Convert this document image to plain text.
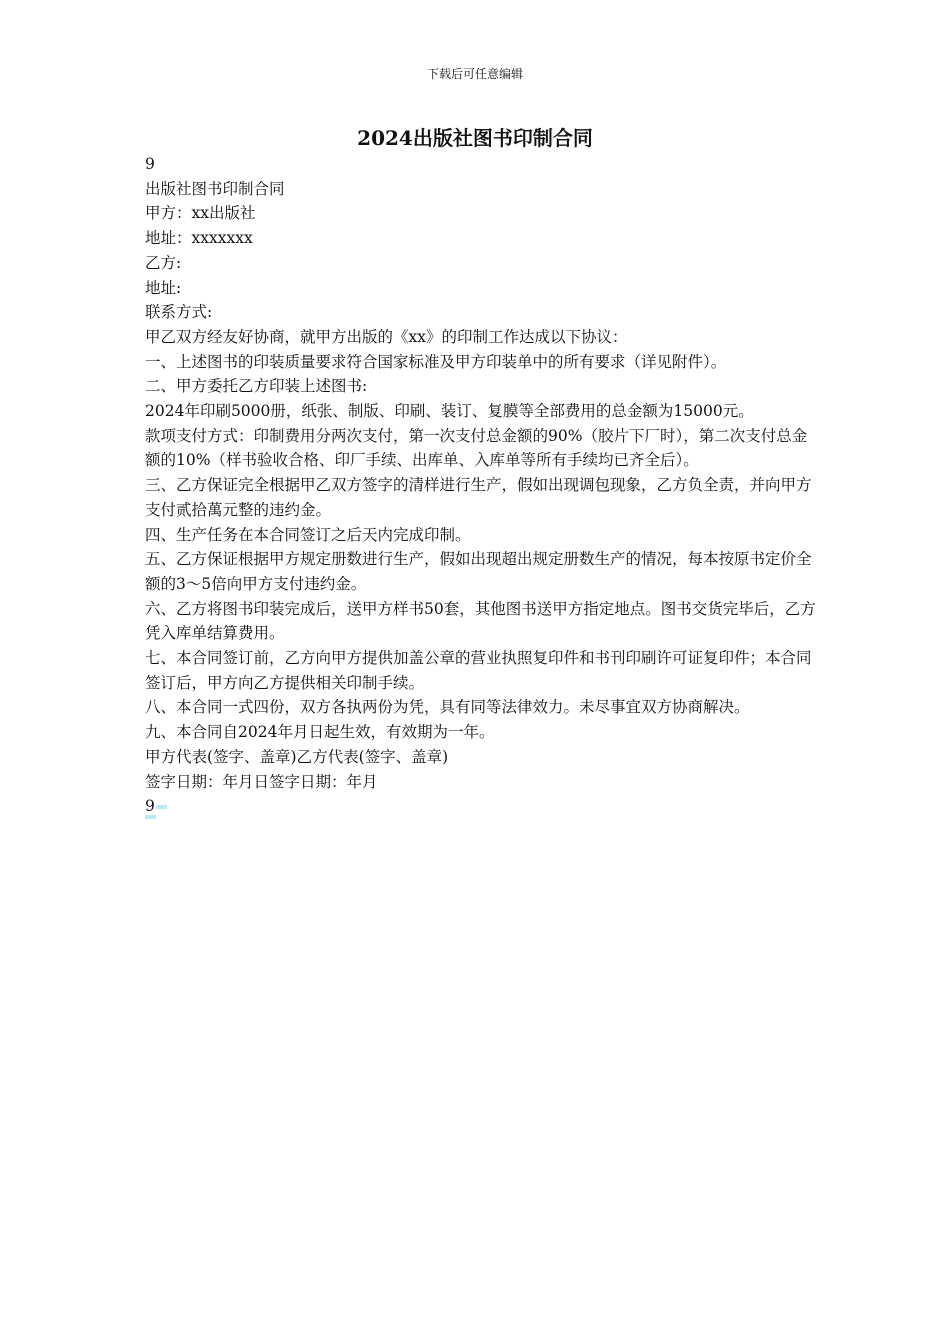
下载后可任意编辑
2024出版社图书印制合同

9

出版社图书印制合同

甲方：xx出版社

地址：xxxxxxx

乙方:

地址:

联系方式:

甲乙双方经友好协商，就甲方出版的《xx》的印制工作达成以下协议：

一、上述图书的印装质量要求符合国家标准及甲方印装单中的所有要求（详见附件）。

二、甲方委托乙方印装上述图书:

2024年印刷5000册，纸张、制版、印刷、装订、复膜等全部费用的总金额为15000元。

款项支付方式：印制费用分两次支付，第一次支付总金额的90%（胶片下厂时），第二次支付总金额的10%（样书验收合格、印厂手续、出库单、入库单等所有手续均已齐全后）。

三、乙方保证完全根据甲乙双方签字的清样进行生产，假如出现调包现象，乙方负全责，并向甲方支付贰拾萬元整的违约金。

四、生产任务在本合同签订之后天内完成印制。

五、乙方保证根据甲方规定册数进行生产，假如出现超出规定册数生产的情况，每本按原书定价全额的3～5倍向甲方支付违约金。

六、乙方将图书印装完成后，送甲方样书50套，其他图书送甲方指定地点。图书交货完毕后，乙方凭入库单结算费用。

七、本合同签订前，乙方向甲方提供加盖公章的营业执照复印件和书刊印刷许可证复印件；本合同签订后，甲方向乙方提供相关印制手续。

八、本合同一式四份，双方各执两份为凭，具有同等法律效力。未尽事宜双方协商解决。

九、本合同自2024年月日起生效，有效期为一年。

甲方代表(签字、盖章)乙方代表(签字、盖章)

签字日期：年月日签字日期：年月

9
